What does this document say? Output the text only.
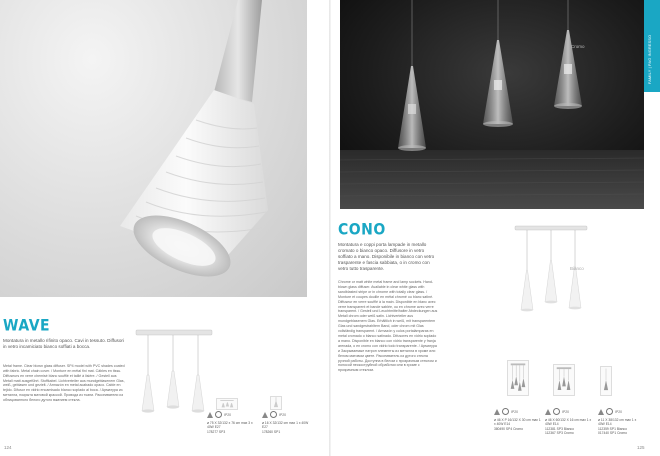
WAVE

Montatura in metallo rifinito opaco. Cavi in tessuto. Diffusori in vetro incamiciato bianco soffiati a bocca.

Metal frame. Clear blown glass diffuser. SP4 model with PVC shades coated with fabric. Metal chain cover. / Monture en métal fini mat. Câbles en tissu. Diffuseurs en verre chemisé blanc soufflé et taillé à lisière. / Gestell aus Metall matt ausgeführt. Stoffkabel. Lichtverteiler aus mundgeblasenem Glas, weiß, geblasen und gezielt. / Armazón en metal acabado opaco. Cable en tejido. Difusor en vidrio encamisado blanco soplado al boca. / Арматура из металла, покрыта матовой краской. Провода из ткани. Рассеиватели из облицованного белого дутого вжатием стекла.

IP20
ø 75 X 32/132 x 76 cm max 3 x 40W E27
178277 SP3
IP20
ø 16 X 32/132 cm max 1 x 40W E27
178260 SP1
124
Cromo	FAMILY | PAG INGRESSO
CONO

Montatura e coppi porta lampade in metallo cromato o bianco opaco. Diffusore in vetro soffiato a mano. Disponibile in bianco con vetro trasparente e fascia sabbiata, o in cromo con vetro tutto trasparente.

Chrome or matt white metal frame and lamp sockets. Hand-blown glass diffuser. Available in clear white glass with sandblasted stripe or in chrome with totally clear glass. / Monture et coupes douille en métal chromé ou blanc satiné. Diffuseur en verre soufflé à la main. Disponible en blanc avec verre transparent et bande sablée, ou en chrome avec verre transparent. / Gestell und Leuchtmittelhalter Abdeckungen aus Metall chrom oder weiß satin. Lichtverteiler aus mundgeblasenem Glas. Erhältlich in weiß, mit transparentem Glas und sandgestrahltem Band, oder chrom mit Glas vollständig transparent. / Armazón y culos portalámparas en metal cromado o blanco satinado. Difusores en vidrio soplado a mano. Disponible en blanco con vidrio transparente y franja arenada, o en cromo con vidrio todo transparente. / Арматура и Закрываемые патрон элементы из металла в хроме или белом матовом цвете. Рассеиватель из дутого стекла ручной работы. Доступна в белом с прозрачным стеклом и полосой пескоструйной обработки или в хроме с прозрачным стеклом.

Bianco
IP20
ø 46 X P 16/132 X 30 cm max 1 x 40W E14
380490 SP4 Cromo
IP20
ø 46 X 60/132 X 16 cm max 1 x 40W E14
112381 SP3 Bianco
112367 SP3 Cromo
IP20
ø 11 X 38/132 cm max 1 x 40W E14
112359 SP1 Bianco
017440 SP1 Cromo
125
